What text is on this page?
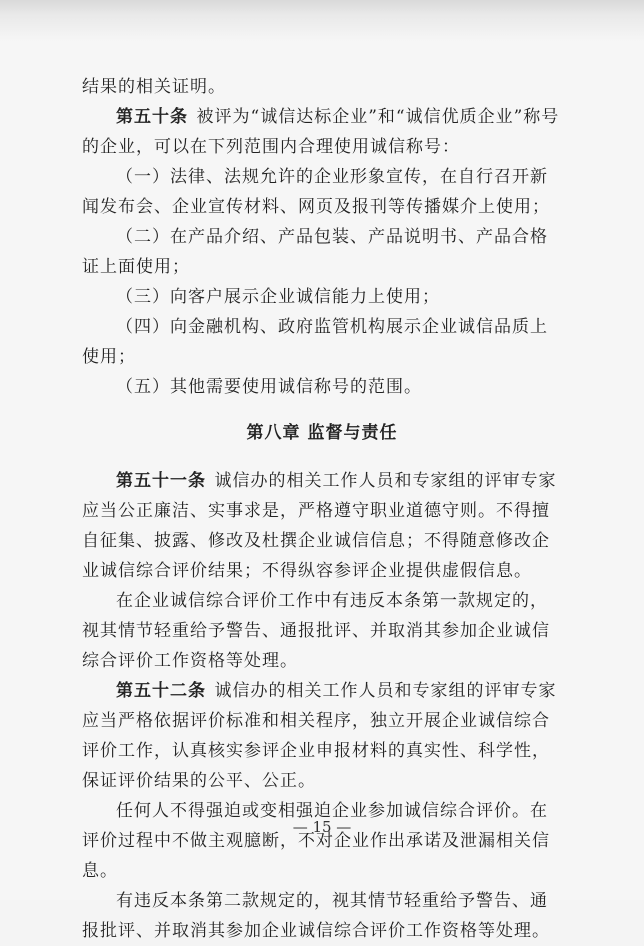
结果的相关证明。

第五十条 被评为“诚信达标企业”和“诚信优质企业”称号的企业，可以在下列范围内合理使用诚信称号：

（一）法律、法规允许的企业形象宣传，在自行召开新闻发布会、企业宣传材料、网页及报刊等传播媒介上使用；

（二）在产品介绍、产品包装、产品说明书、产品合格证上面使用；

（三）向客户展示企业诚信能力上使用；

（四）向金融机构、政府监管机构展示企业诚信品质上使用；

（五）其他需要使用诚信称号的范围。

第八章 监督与责任

第五十一条 诚信办的相关工作人员和专家组的评审专家应当公正廉洁、实事求是，严格遵守职业道德守则。不得擅自征集、披露、修改及杜撰企业诚信信息；不得随意修改企业诚信综合评价结果；不得纵容参评企业提供虚假信息。

在企业诚信综合评价工作中有违反本条第一款规定的，视其情节轻重给予警告、通报批评、并取消其参加企业诚信综合评价工作资格等处理。

第五十二条 诚信办的相关工作人员和专家组的评审专家应当严格依据评价标准和相关程序，独立开展企业诚信综合评价工作，认真核实参评企业申报材料的真实性、科学性，保证评价结果的公平、公正。

任何人不得强迫或变相强迫企业参加诚信综合评价。在评价过程中不做主观臆断，不对企业作出承诺及泄漏相关信息。

有违反本条第二款规定的，视其情节轻重给予警告、通报批评、并取消其参加企业诚信综合评价工作资格等处理。

— 15 —
